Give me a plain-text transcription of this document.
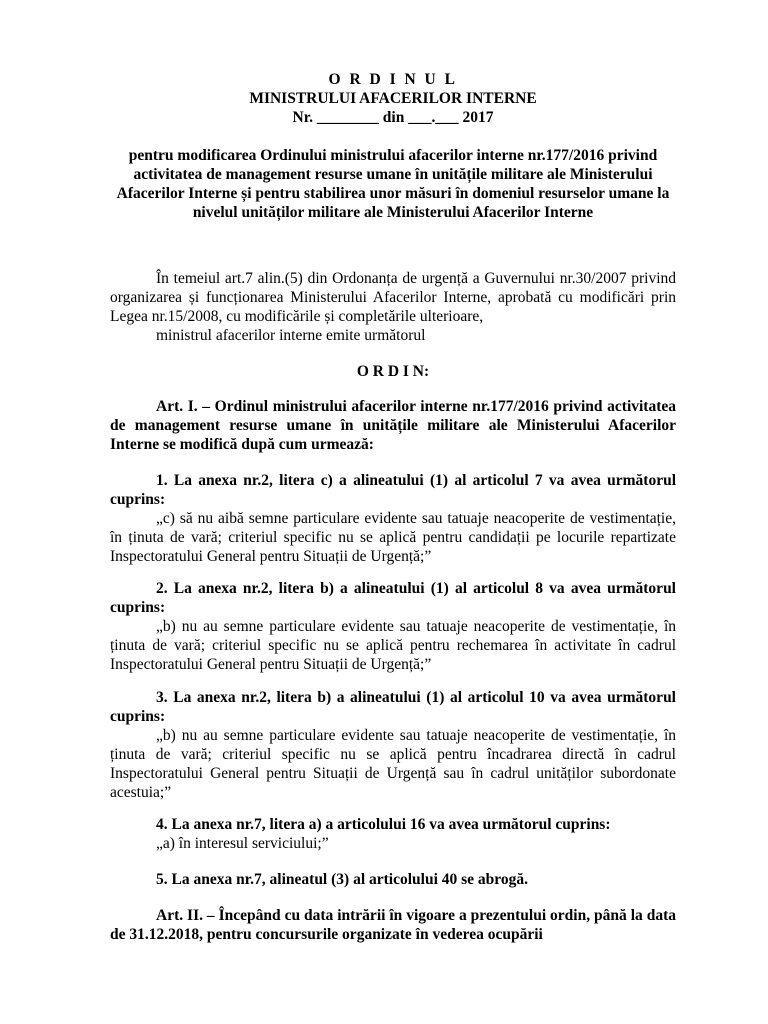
O R D I N U L
MINISTRULUI AFACERILOR INTERNE
Nr. ________ din ___.___ 2017

pentru modificarea Ordinului ministrului afacerilor interne nr.177/2016 privind activitatea de management resurse umane în unitățile militare ale Ministerului Afacerilor Interne și pentru stabilirea unor măsuri în domeniul resurselor umane la nivelul unităților militare ale Ministerului Afacerilor Interne

În temeiul art.7 alin.(5) din Ordonanța de urgență a Guvernului nr.30/2007 privind organizarea și funcționarea Ministerului Afacerilor Interne, aprobată cu modificări prin Legea nr.15/2008, cu modificările și completările ulterioare,

ministrul afacerilor interne emite următorul

O R D I N:

Art. I. – Ordinul ministrului afacerilor interne nr.177/2016 privind activitatea de management resurse umane în unitățile militare ale Ministerului Afacerilor Interne se modifică după cum urmează:

1. La anexa nr.2, litera c) a alineatului (1) al articolul 7 va avea următorul cuprins:

„c) să nu aibă semne particulare evidente sau tatuaje neacoperite de vestimentație, în ținuta de vară; criteriul specific nu se aplică pentru candidații pe locurile repartizate Inspectoratului General pentru Situații de Urgență;”

2. La anexa nr.2, litera b) a alineatului (1) al articolul 8 va avea următorul cuprins:

„b) nu au semne particulare evidente sau tatuaje neacoperite de vestimentație, în ținuta de vară; criteriul specific nu se aplică pentru rechemarea în activitate în cadrul Inspectoratului General pentru Situații de Urgență;”

3. La anexa nr.2, litera b) a alineatului (1) al articolul 10 va avea următorul cuprins:

„b) nu au semne particulare evidente sau tatuaje neacoperite de vestimentație, în ținuta de vară; criteriul specific nu se aplică pentru încadrarea directă în cadrul Inspectoratului General pentru Situații de Urgență sau în cadrul unităților subordonate acestuia;”

4. La anexa nr.7, litera a) a articolului 16 va avea următorul cuprins:

„a) în interesul serviciului;”

5. La anexa nr.7, alineatul (3) al articolului 40 se abrogă.

Art. II. – Începând cu data intrării în vigoare a prezentului ordin, până la data de 31.12.2018, pentru concursurile organizate în vederea ocupării
